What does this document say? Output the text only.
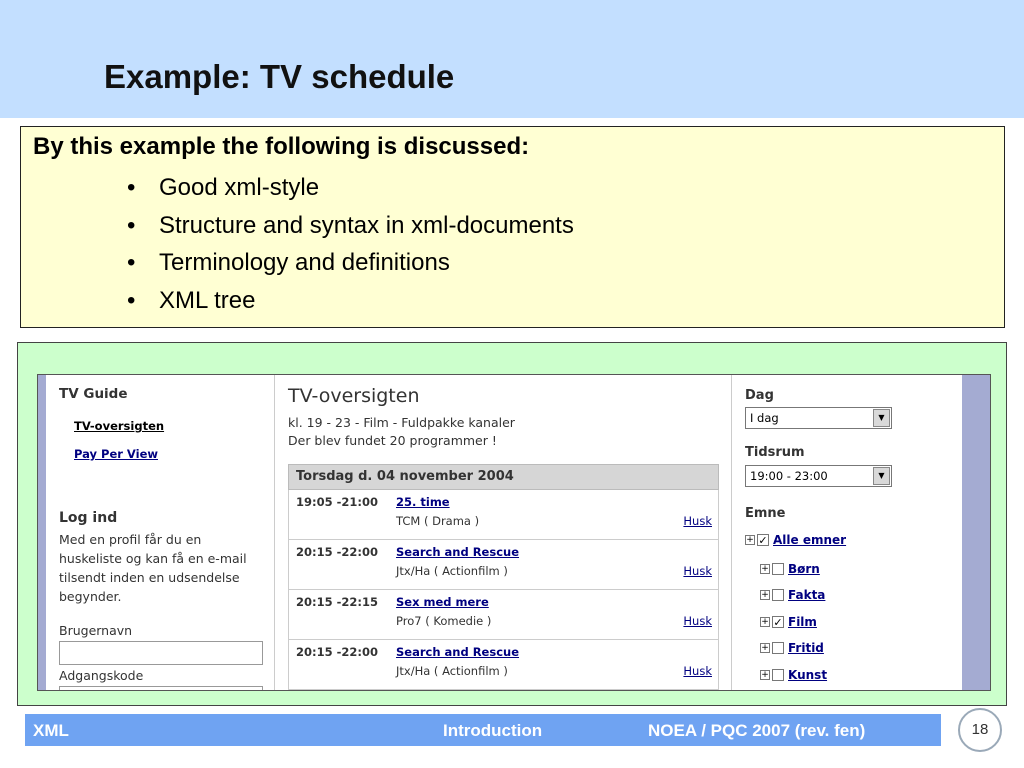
Example: TV schedule
By this example the following is discussed:
• Good xml-style
• Structure and syntax in xml-documents
• Terminology and definitions
• XML tree
TV Guide
TV-oversigten
Pay Per View
Log ind
Med en profil får du en huskeliste og kan få en e-mail tilsendt inden en udsendelse begynder.
Brugernavn
Adgangskode
TV-oversigten
kl. 19 - 23 - Film - Fuldpakke kanaler
Der blev fundet 20 programmer !
Torsdag d. 04 november 2004
19:05 -21:00 25. time
TCM ( Drama )	Husk
20:15 -22:00 Search and Rescue
Jtx/Ha ( Actionfilm )	Husk
20:15 -22:15 Sex med mere
Pro7 ( Komedie )	Husk
20:15 -22:00 Search and Rescue
Jtx/Ha ( Actionfilm )	Husk
Dag
I dag	▼
Tidsrum
19:00 - 23:00	▼
Emne
+ ✓ Alle emner
+ Børn
+ Fakta
+ ✓ Film
+ Fritid
+ Kunst
XML	Introduction	NOEA / PQC 2007 (rev. fen)	18
